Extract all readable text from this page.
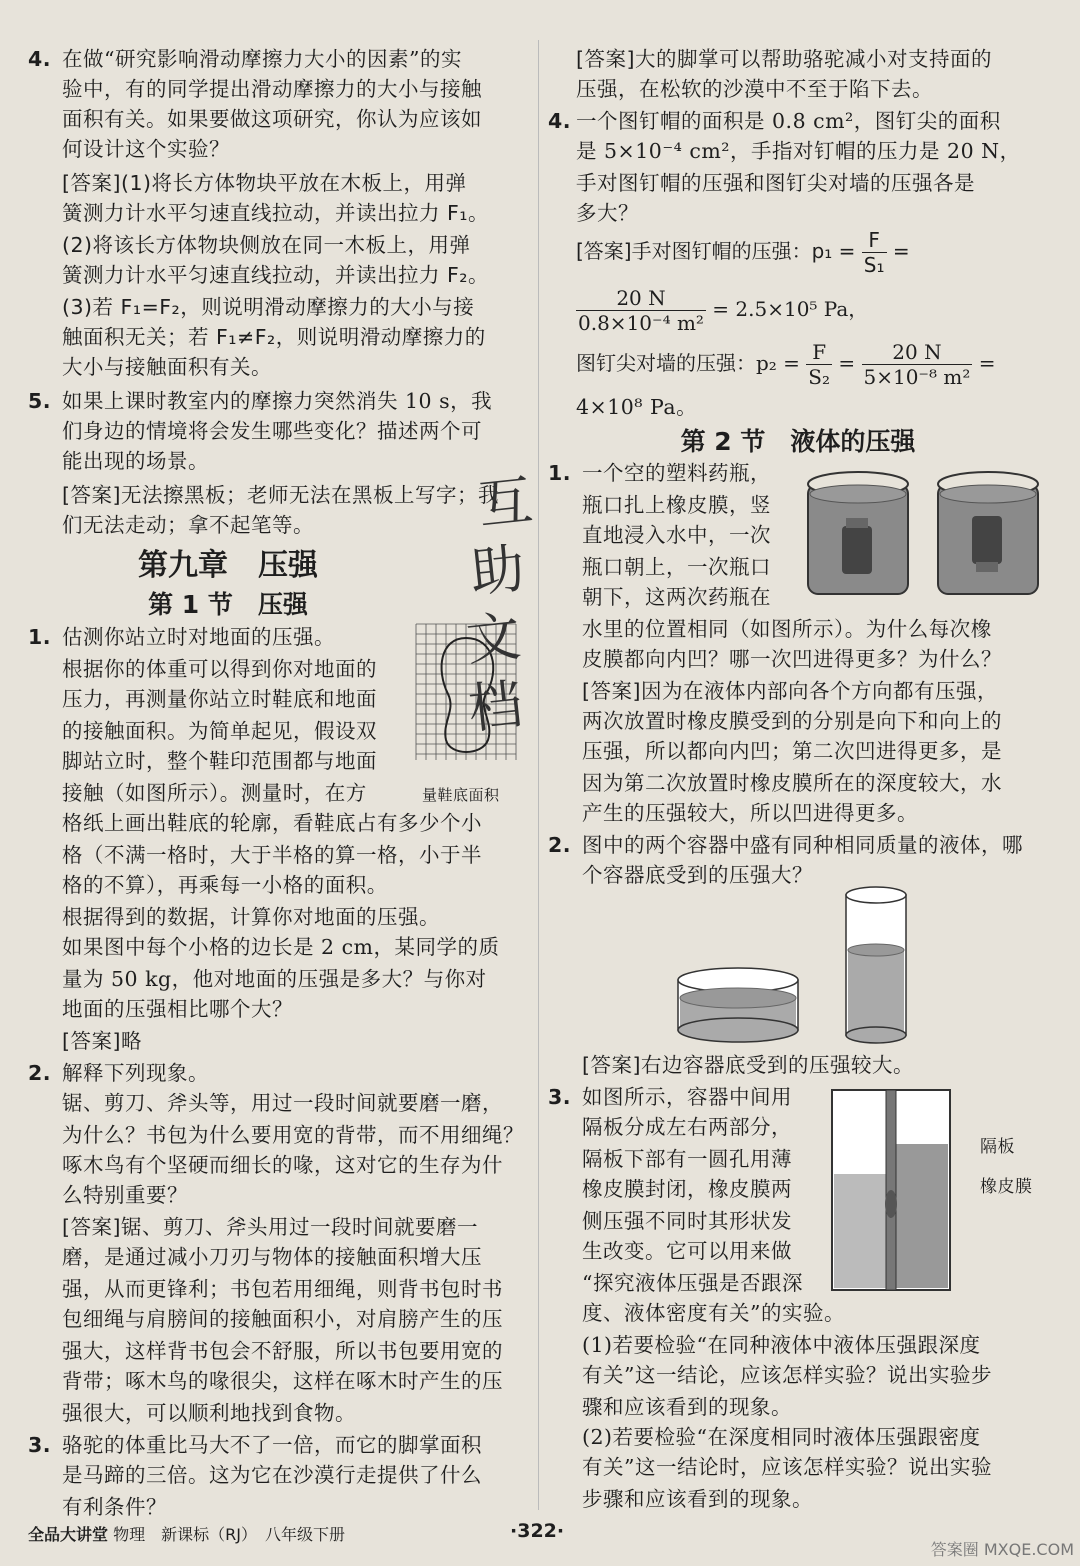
4. 在做“研究影响滑动摩擦力大小的因素”的实
验中，有的同学提出滑动摩擦力的大小与接触
面积有关。如果要做这项研究，你认为应该如
何设计这个实验？
[答案](1)将长方体物块平放在木板上，用弹
簧测力计水平匀速直线拉动，并读出拉力 F₁。
(2)将该长方体物块侧放在同一木板上，用弹
簧测力计水平匀速直线拉动，并读出拉力 F₂。
(3)若 F₁=F₂，则说明滑动摩擦力的大小与接
触面积无关；若 F₁≠F₂，则说明滑动摩擦力的
大小与接触面积有关。
5. 如果上课时教室内的摩擦力突然消失 10 s，我
们身边的情境将会发生哪些变化？描述两个可
能出现的场景。
[答案]无法擦黑板；老师无法在黑板上写字；我
们无法走动；拿不起笔等。
第九章　压强
第 1 节　压强
1. 估测你站立时对地面的压强。
根据你的体重可以得到你对地面的
压力，再测量你站立时鞋底和地面
的接触面积。为简单起见，假设双
脚站立时，整个鞋印范围都与地面
接触（如图所示）。测量时，在方
格纸上画出鞋底的轮廓，看鞋底占有多少个小
格（不满一格时，大于半格的算一格，小于半
格的不算），再乘每一小格的面积。
根据得到的数据，计算你对地面的压强。
如果图中每个小格的边长是 2 cm，某同学的质
量为 50 kg，他对地面的压强是多大？与你对
地面的压强相比哪个大？
[答案]略
量鞋底面积
互
助
文
档
2. 解释下列现象。
锯、剪刀、斧头等，用过一段时间就要磨一磨，
为什么？书包为什么要用宽的背带，而不用细绳？
啄木鸟有个坚硬而细长的喙，这对它的生存为什
么特别重要？
[答案]锯、剪刀、斧头用过一段时间就要磨一
磨，是通过减小刀刃与物体的接触面积增大压
强，从而更锋利；书包若用细绳，则背书包时书
包细绳与肩膀间的接触面积小，对肩膀产生的压
强大，这样背书包会不舒服，所以书包要用宽的
背带；啄木鸟的喙很尖，这样在啄木时产生的压
强很大，可以顺利地找到食物。
3. 骆驼的体重比马大不了一倍，而它的脚掌面积
是马蹄的三倍。这为它在沙漠行走提供了什么
有利条件？
[答案]大的脚掌可以帮助骆驼减小对支持面的
压强，在松软的沙漠中不至于陷下去。
4. 一个图钉帽的面积是 0.8 cm²，图钉尖的面积
是 5×10⁻⁴ cm²，手指对钉帽的压力是 20 N，
手对图钉帽的压强和图钉尖对墙的压强各是
多大？
[答案]手对图钉帽的压强：$p_1 = \frac{F}{\text{S₁}}$ =
$\frac{20 N}{\text{0.8×10⁻⁴ m²}} = 2.5\times 10^5$ Pa，
图钉尖对墙的压强：$p_2 = \frac{F}{\text{S₂}} = \frac{20 N}{\text{5×10⁻⁸ m²}}$ =
4×10⁸ Pa。
第 2 节　液体的压强
1. 一个空的塑料药瓶，
瓶口扎上橡皮膜，竖
直地浸入水中，一次
瓶口朝上，一次瓶口
朝下，这两次药瓶在
水里的位置相同（如图所示）。为什么每次橡
皮膜都向内凹？哪一次凹进得更多？为什么？
[答案]因为在液体内部向各个方向都有压强，
两次放置时橡皮膜受到的分别是向下和向上的
压强，所以都向内凹；第二次凹进得更多，是
因为第二次放置时橡皮膜所在的深度较大，水
产生的压强较大，所以凹进得更多。
2. 图中的两个容器中盛有同种相同质量的液体，哪
个容器底受到的压强大？
[答案]右边容器底受到的压强较大。
3. 如图所示，容器中间用
隔板分成左右两部分，
隔板下部有一圆孔用薄
橡皮膜封闭，橡皮膜两
侧压强不同时其形状发
生改变。它可以用来做
“探究液体压强是否跟深
度、液体密度有关”的实验。
(1)若要检验“在同种液体中液体压强跟深度
有关”这一结论，应该怎样实验？说出实验步
骤和应该看到的现象。
(2)若要检验“在深度相同时液体压强跟密度
有关”这一结论时，应该怎样实验？说出实验
步骤和应该看到的现象。
隔板
橡皮膜
全品大讲堂 物理　新课标（RJ）　八年级下册	·322·
答案圈 MXQE.COM
